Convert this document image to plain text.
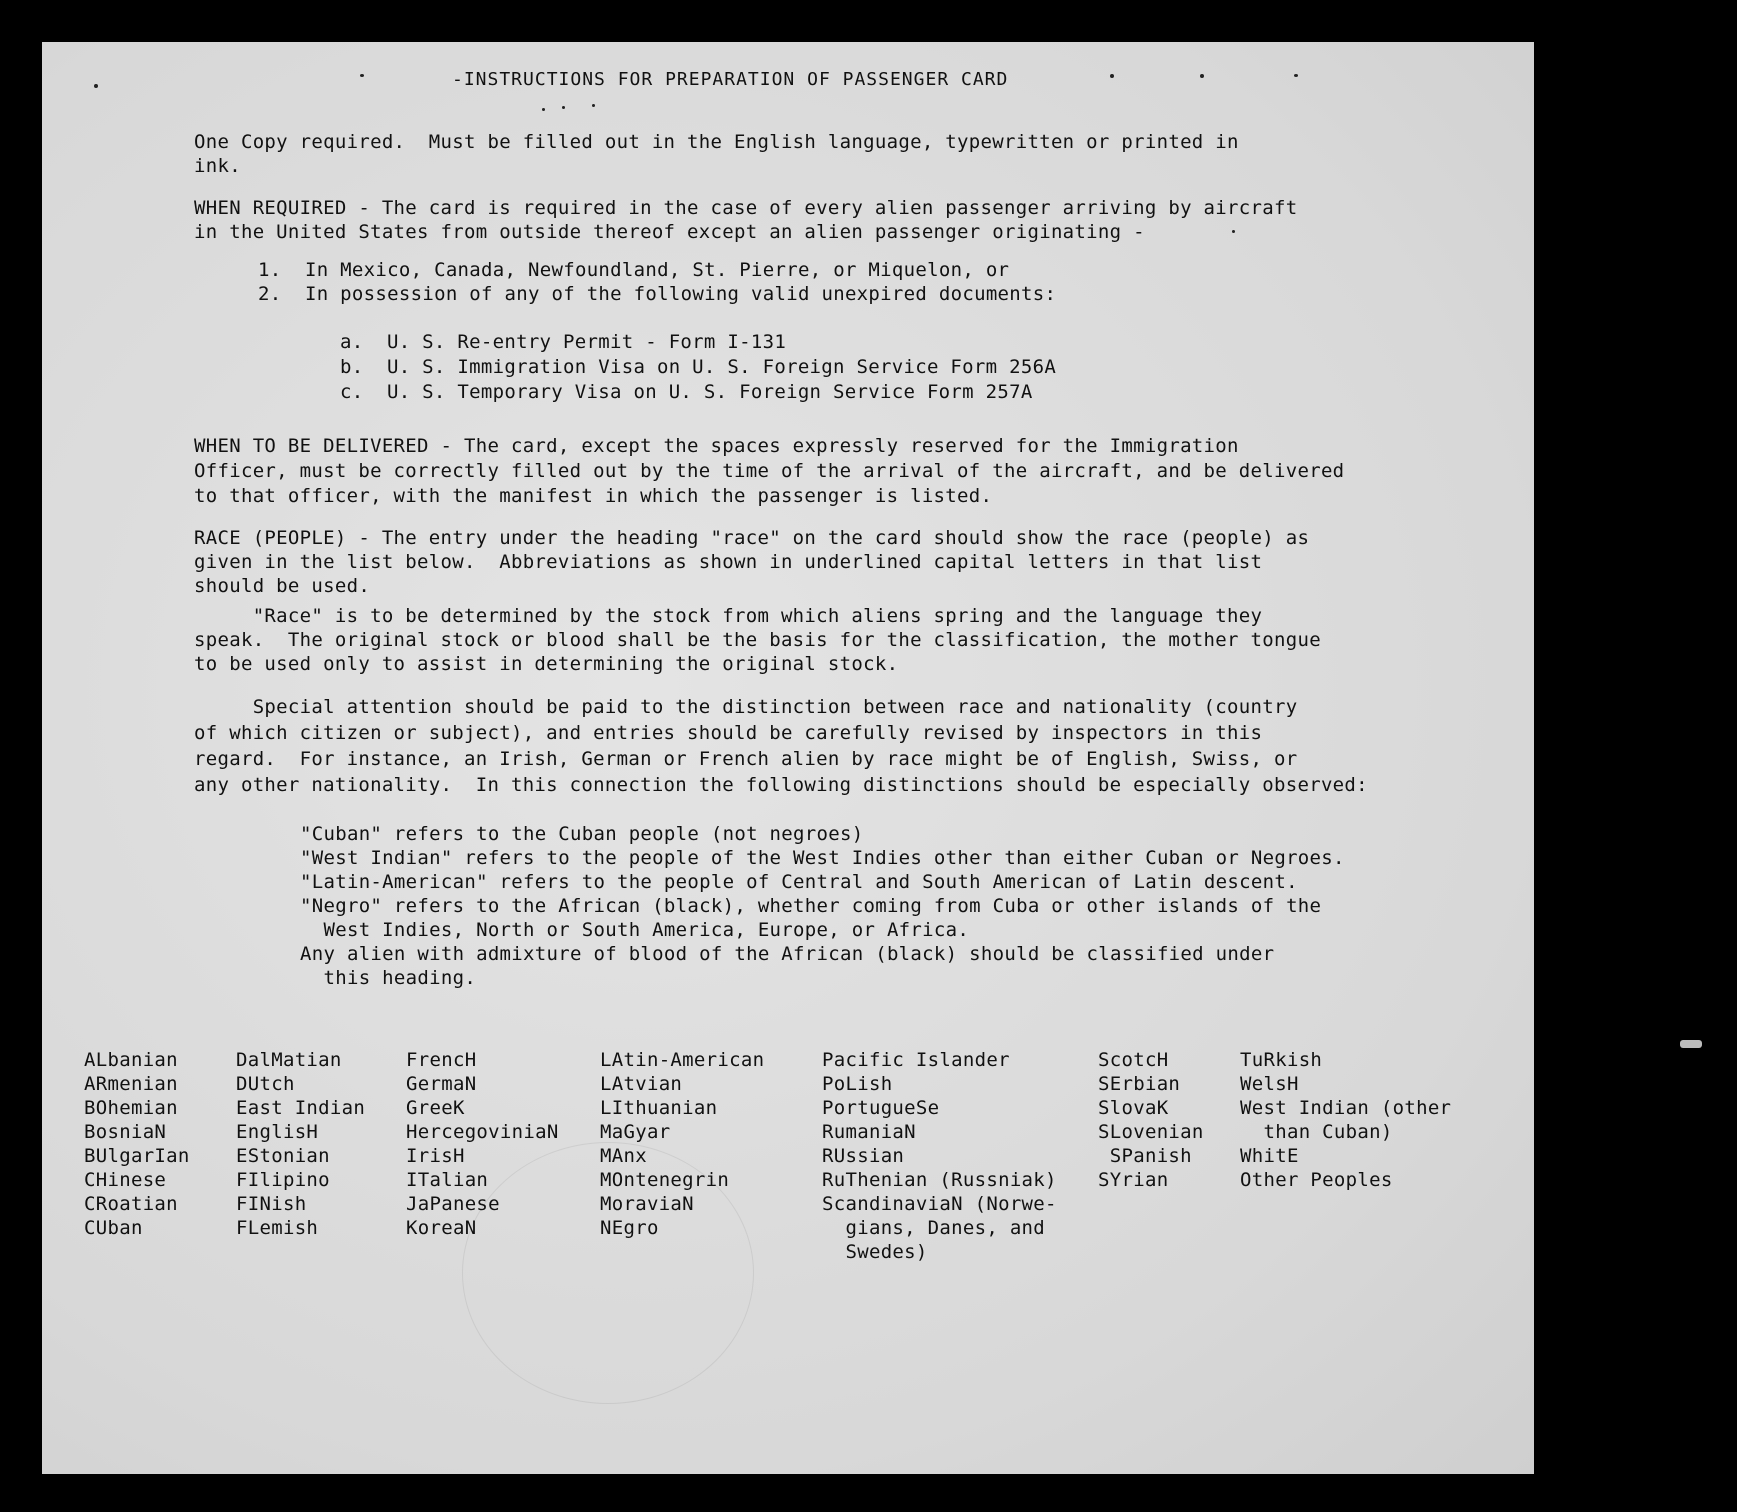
-INSTRUCTIONS FOR PREPARATION OF PASSENGER CARD
One Copy required.  Must be filled out in the English language, typewritten or printed in
ink.
WHEN REQUIRED - The card is required in the case of every alien passenger arriving by aircraft
in the United States from outside thereof except an alien passenger originating -
1.  In Mexico, Canada, Newfoundland, St. Pierre, or Miquelon, or
2.  In possession of any of the following valid unexpired documents:
a.  U. S. Re-entry Permit - Form I-131
b.  U. S. Immigration Visa on U. S. Foreign Service Form 256A
c.  U. S. Temporary Visa on U. S. Foreign Service Form 257A
WHEN TO BE DELIVERED - The card, except the spaces expressly reserved for the Immigration
Officer, must be correctly filled out by the time of the arrival of the aircraft, and be delivered
to that officer, with the manifest in which the passenger is listed.
RACE (PEOPLE) - The entry under the heading "race" on the card should show the race (people) as
given in the list below.  Abbreviations as shown in underlined capital letters in that list
should be used.
"Race" is to be determined by the stock from which aliens spring and the language they
speak.  The original stock or blood shall be the basis for the classification, the mother tongue
to be used only to assist in determining the original stock.
Special attention should be paid to the distinction between race and nationality (country
of which citizen or subject), and entries should be carefully revised by inspectors in this
regard.  For instance, an Irish, German or French alien by race might be of English, Swiss, or
any other nationality.  In this connection the following distinctions should be especially observed:
"Cuban" refers to the Cuban people (not negroes)
"West Indian" refers to the people of the West Indies other than either Cuban or Negroes.
"Latin-American" refers to the people of Central and South American of Latin descent.
"Negro" refers to the African (black), whether coming from Cuba or other islands of the
West Indies, North or South America, Europe, or Africa.
Any alien with admixture of blood of the African (black) should be classified under
this heading.
ALbanian
ARmenian
BOhemian
BosniaN
BUlgarIan
CHinese
CRoatian
CUban
DalMatian
DUtch
East Indian
EnglisH
EStonian
FIlipino
FINish
FLemish
FrencH
GermaN
GreeK
HercegoviniaN
IrisH
ITalian
JaPanese
KoreaN
LAtin-American
LAtvian
LIthuanian
MaGyar
MAnx
MOntenegrin
MoraviaN
NEgro
Pacific Islander
PoLish
PortugueSe
RumaniaN
RUssian
RuThenian (Russniak)
ScandinaviaN (Norwe-
gians, Danes, and
Swedes)
ScotcH
SErbian
SlovaK
SLovenian
SPanish
SYrian
TuRkish
WelsH
West Indian (other
than Cuban)
WhitE
Other Peoples
